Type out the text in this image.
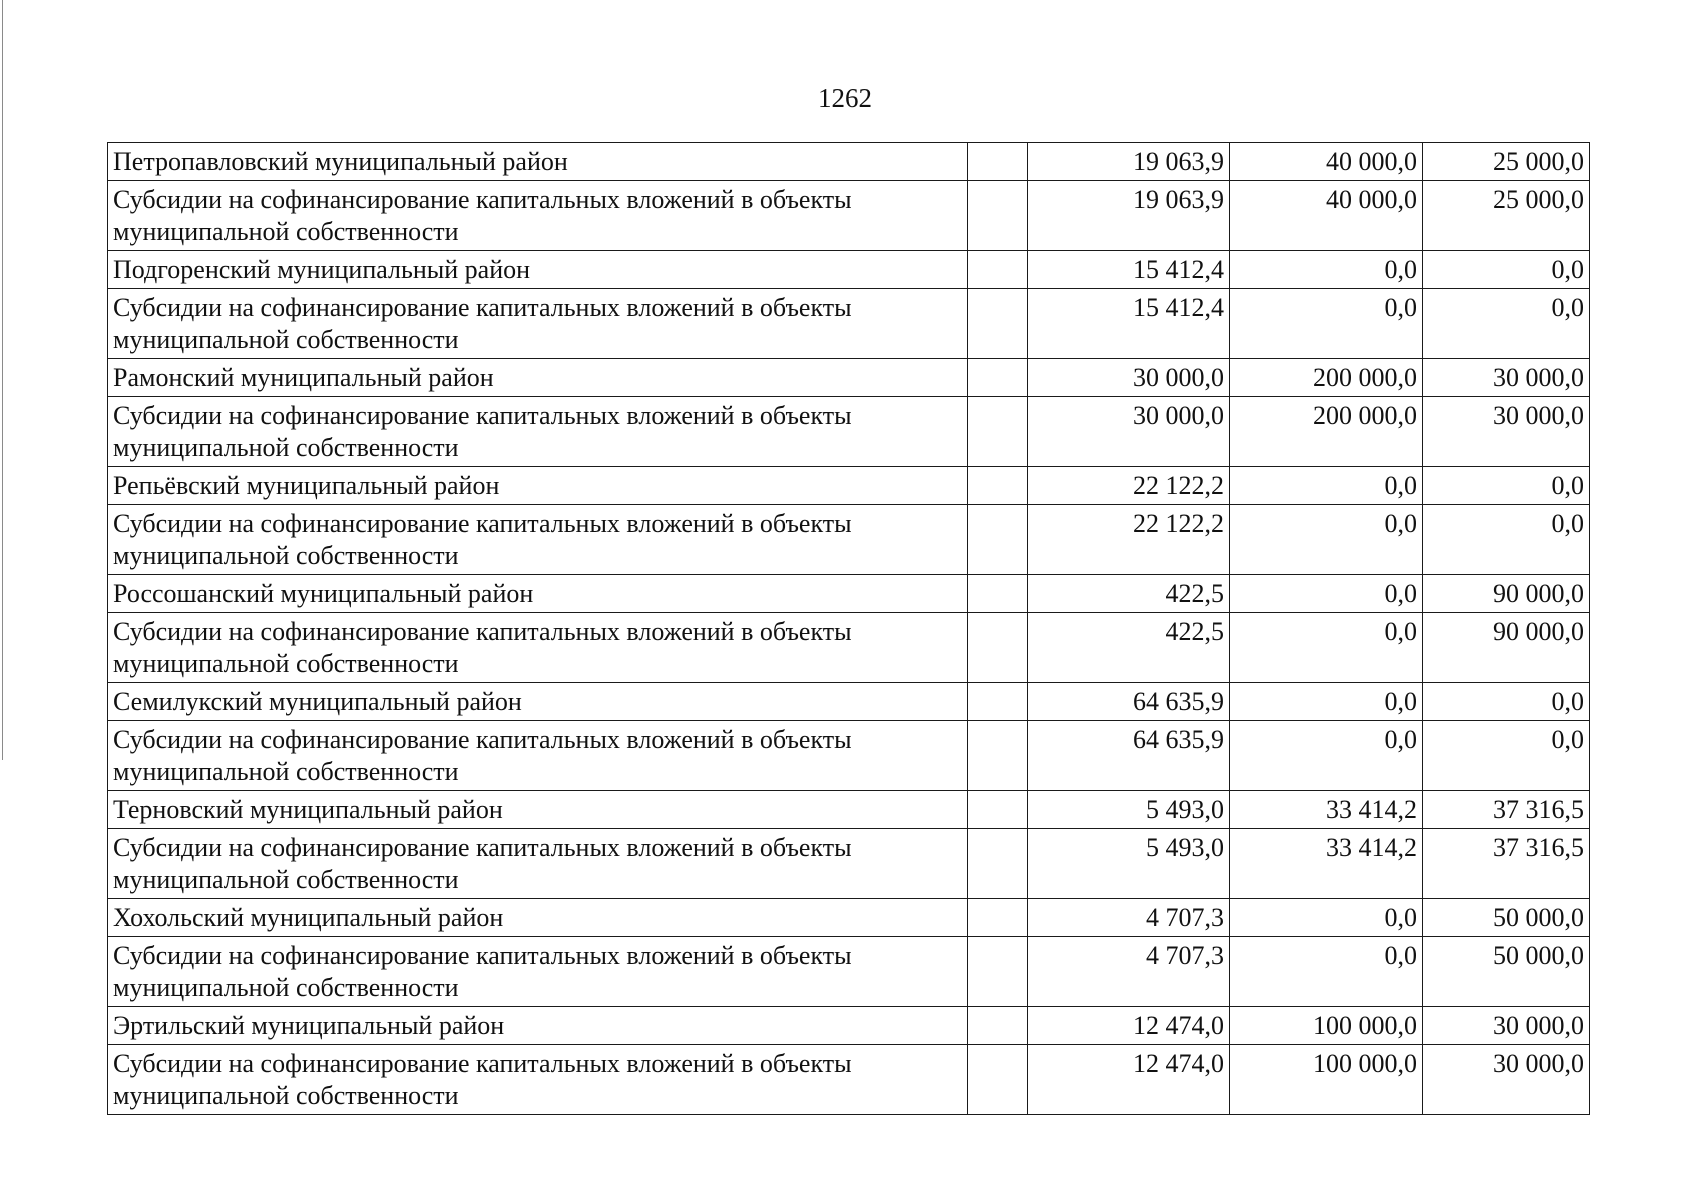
1262
Петропавловский муниципальный район		19 063,9	40 000,0	25 000,0
Субсидии на софинансирование капитальных вложений в объекты муниципальной собственности		19 063,9	40 000,0	25 000,0
Подгоренский муниципальный район		15 412,4	0,0	0,0
Субсидии на софинансирование капитальных вложений в объекты муниципальной собственности		15 412,4	0,0	0,0
Рамонский муниципальный район		30 000,0	200 000,0	30 000,0
Субсидии на софинансирование капитальных вложений в объекты муниципальной собственности		30 000,0	200 000,0	30 000,0
Репьёвский муниципальный район		22 122,2	0,0	0,0
Субсидии на софинансирование капитальных вложений в объекты муниципальной собственности		22 122,2	0,0	0,0
Россошанский муниципальный район		422,5	0,0	90 000,0
Субсидии на софинансирование капитальных вложений в объекты муниципальной собственности		422,5	0,0	90 000,0
Семилукский муниципальный район		64 635,9	0,0	0,0
Субсидии на софинансирование капитальных вложений в объекты муниципальной собственности		64 635,9	0,0	0,0
Терновский муниципальный район		5 493,0	33 414,2	37 316,5
Субсидии на софинансирование капитальных вложений в объекты муниципальной собственности		5 493,0	33 414,2	37 316,5
Хохольский муниципальный район		4 707,3	0,0	50 000,0
Субсидии на софинансирование капитальных вложений в объекты муниципальной собственности		4 707,3	0,0	50 000,0
Эртильский муниципальный район		12 474,0	100 000,0	30 000,0
Субсидии на софинансирование капитальных вложений в объекты муниципальной собственности		12 474,0	100 000,0	30 000,0
